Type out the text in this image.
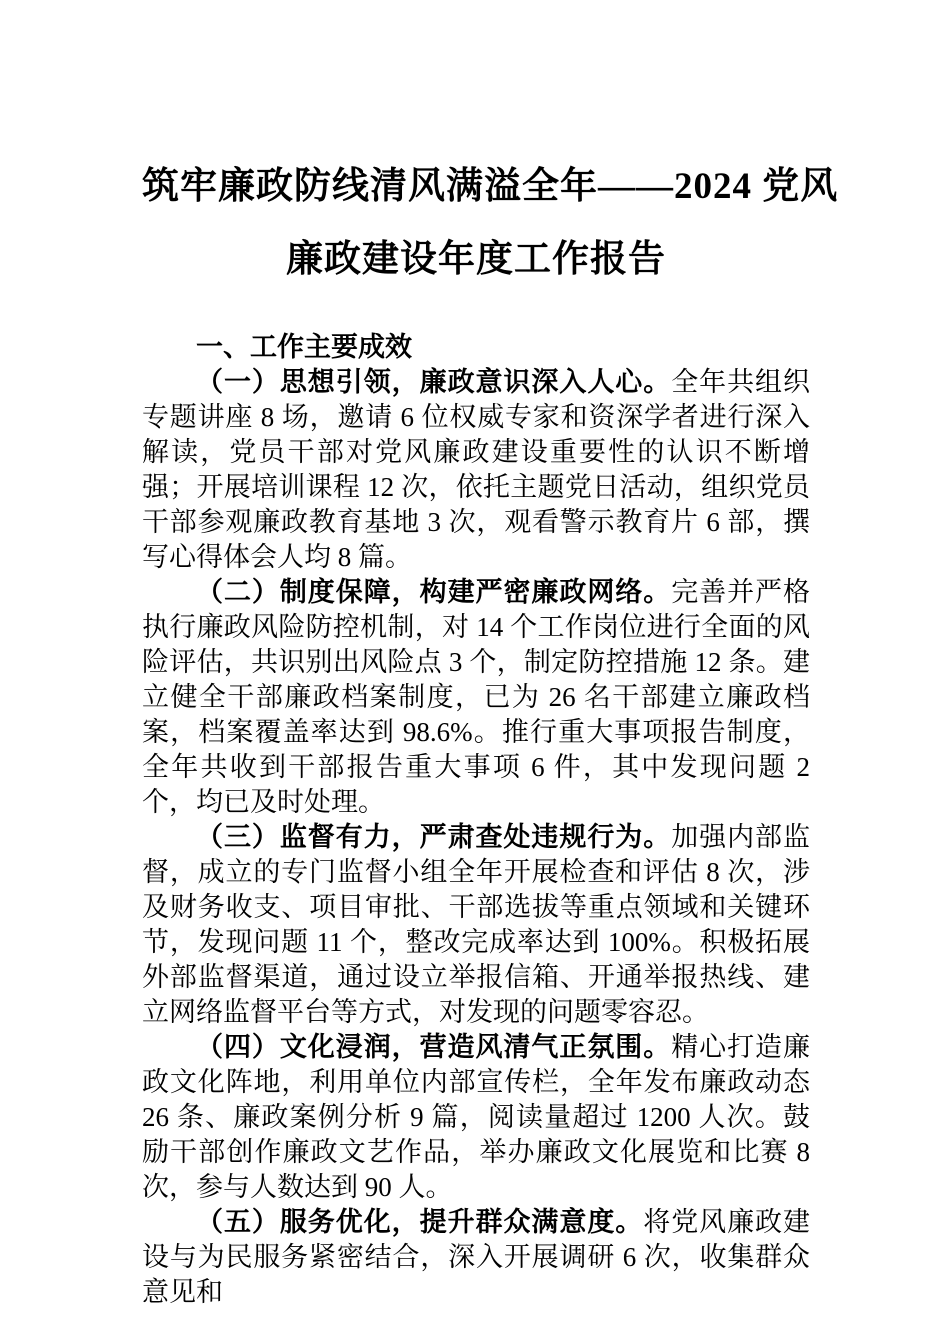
筑牢廉政防线清风满溢全年——2024 党风
廉政建设年度工作报告

一、工作主要成效

（一）思想引领，廉政意识深入人心。全年共组织专题讲座 8 场，邀请 6 位权威专家和资深学者进行深入解读，党员干部对党风廉政建设重要性的认识不断增强；开展培训课程 12 次，依托主题党日活动，组织党员干部参观廉政教育基地 3 次，观看警示教育片 6 部，撰写心得体会人均 8 篇。

（二）制度保障，构建严密廉政网络。完善并严格执行廉政风险防控机制，对 14 个工作岗位进行全面的风险评估，共识别出风险点 3 个，制定防控措施 12 条。建立健全干部廉政档案制度，已为 26 名干部建立廉政档案，档案覆盖率达到 98.6%。推行重大事项报告制度，全年共收到干部报告重大事项 6 件，其中发现问题 2 个，均已及时处理。

（三）监督有力，严肃查处违规行为。加强内部监督，成立的专门监督小组全年开展检查和评估 8 次，涉及财务收支、项目审批、干部选拔等重点领域和关键环节，发现问题 11 个，整改完成率达到 100%。积极拓展外部监督渠道，通过设立举报信箱、开通举报热线、建立网络监督平台等方式，对发现的问题零容忍。

（四）文化浸润，营造风清气正氛围。精心打造廉政文化阵地，利用单位内部宣传栏，全年发布廉政动态 26 条、廉政案例分析 9 篇，阅读量超过 1200 人次。鼓励干部创作廉政文艺作品，举办廉政文化展览和比赛 8 次，参与人数达到 90 人。

（五）服务优化，提升群众满意度。将党风廉政建设与为民服务紧密结合，深入开展调研 6 次，收集群众意见和
